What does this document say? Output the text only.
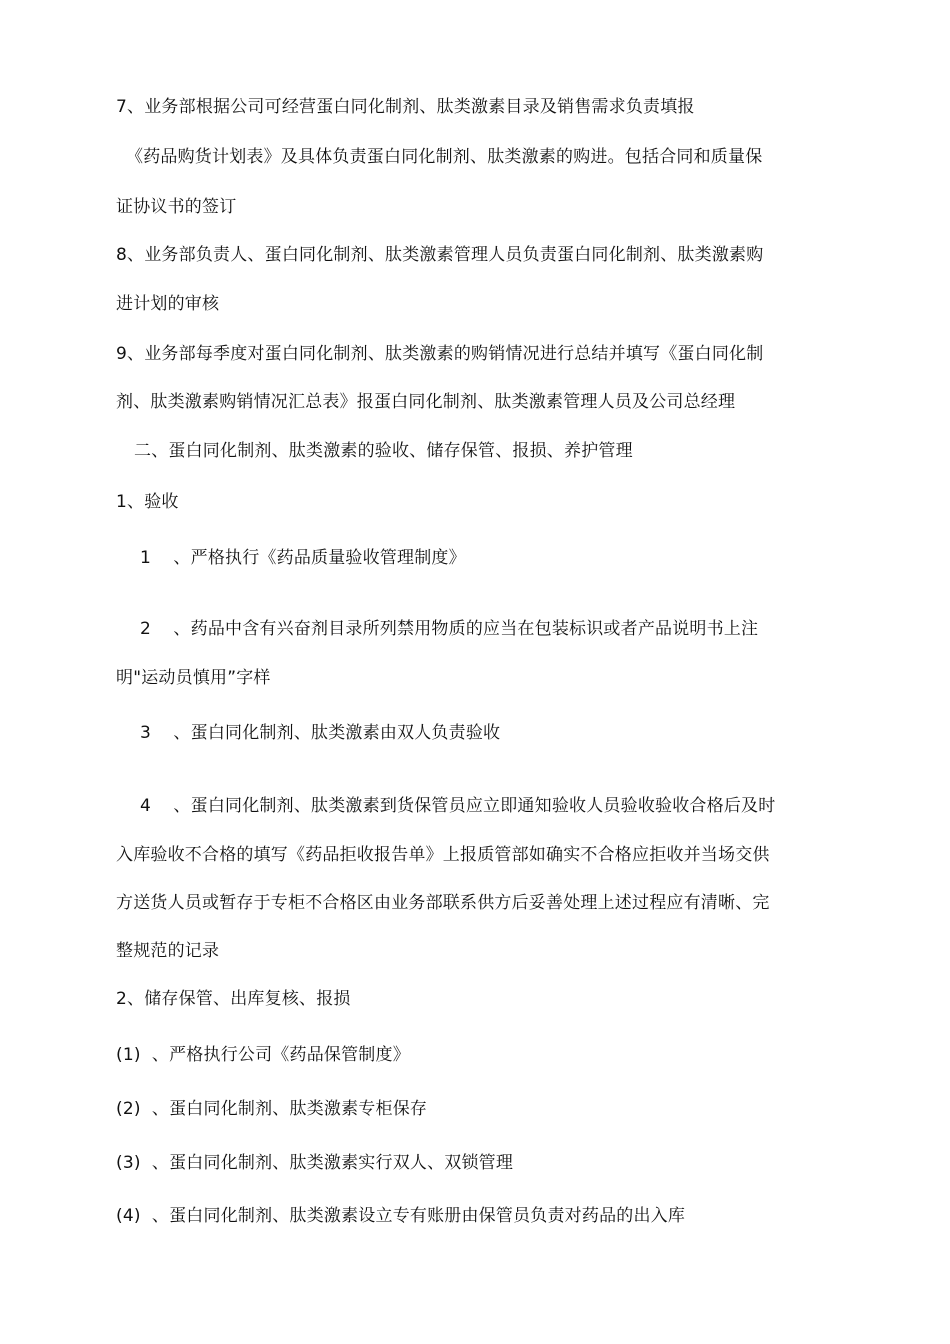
7、业务部根据公司可经营蛋白同化制剂、肽类激素目录及销售需求负责填报
《药品购货计划表》及具体负责蛋白同化制剂、肽类激素的购进。包括合同和质量保
证协议书的签订
8、业务部负责人、蛋白同化制剂、肽类激素管理人员负责蛋白同化制剂、肽类激素购
进计划的审核
9、业务部每季度对蛋白同化制剂、肽类激素的购销情况进行总结并填写《蛋白同化制
剂、肽类激素购销情况汇总表》报蛋白同化制剂、肽类激素管理人员及公司总经理
二、蛋白同化制剂、肽类激素的验收、储存保管、报损、养护管理
1、验收
1    、严格执行《药品质量验收管理制度》
2    、药品中含有兴奋剂目录所列禁用物质的应当在包装标识或者产品说明书上注
明"运动员慎用”字样
3    、蛋白同化制剂、肽类激素由双人负责验收
4    、蛋白同化制剂、肽类激素到货保管员应立即通知验收人员验收验收合格后及时
入库验收不合格的填写《药品拒收报告单》上报质管部如确实不合格应拒收并当场交供
方送货人员或暂存于专柜不合格区由业务部联系供方后妥善处理上述过程应有清晰、完
整规范的记录
2、储存保管、出库复核、报损
(1)  、严格执行公司《药品保管制度》
(2)  、蛋白同化制剂、肽类激素专柜保存
(3)  、蛋白同化制剂、肽类激素实行双人、双锁管理
(4)  、蛋白同化制剂、肽类激素设立专有账册由保管员负责对药品的出入库
